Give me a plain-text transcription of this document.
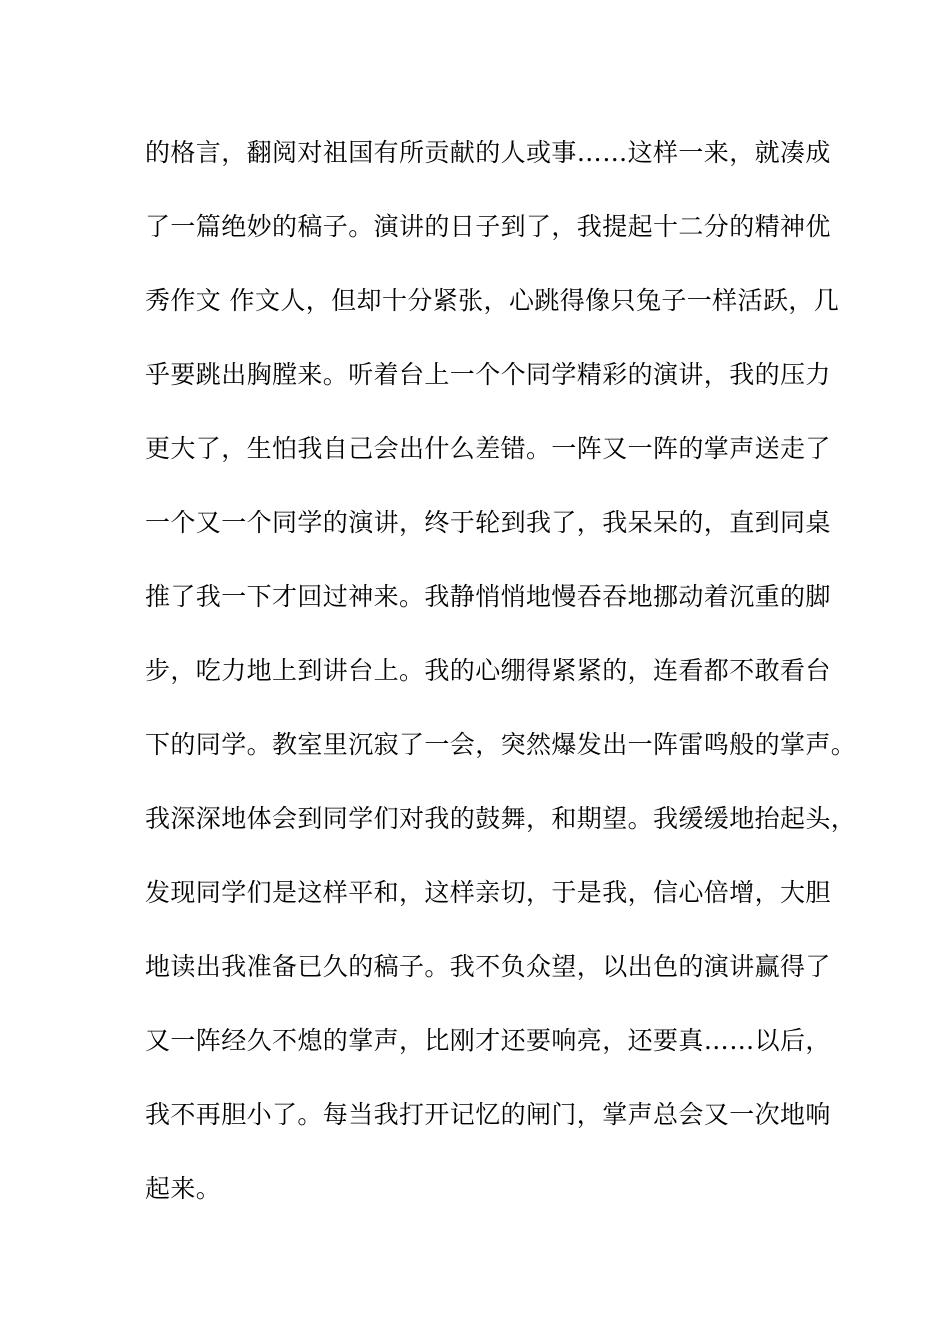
的格言，翻阅对祖国有所贡献的人或事……这样一来，就凑成
了一篇绝妙的稿子。演讲的日子到了，我提起十二分的精神优
秀作文 作文人，但却十分紧张，心跳得像只兔子一样活跃，几
乎要跳出胸膛来。听着台上一个个同学精彩的演讲，我的压力
更大了，生怕我自己会出什么差错。一阵又一阵的掌声送走了
一个又一个同学的演讲，终于轮到我了，我呆呆的，直到同桌
推了我一下才回过神来。我静悄悄地慢吞吞地挪动着沉重的脚
步，吃力地上到讲台上。我的心绷得紧紧的，连看都不敢看台
下的同学。教室里沉寂了一会，突然爆发出一阵雷鸣般的掌声。
我深深地体会到同学们对我的鼓舞，和期望。我缓缓地抬起头，
发现同学们是这样平和，这样亲切，于是我，信心倍增，大胆
地读出我准备已久的稿子。我不负众望，以出色的演讲赢得了
又一阵经久不熄的掌声，比刚才还要响亮，还要真……以后，
我不再胆小了。每当我打开记忆的闸门，掌声总会又一次地响
起来。
